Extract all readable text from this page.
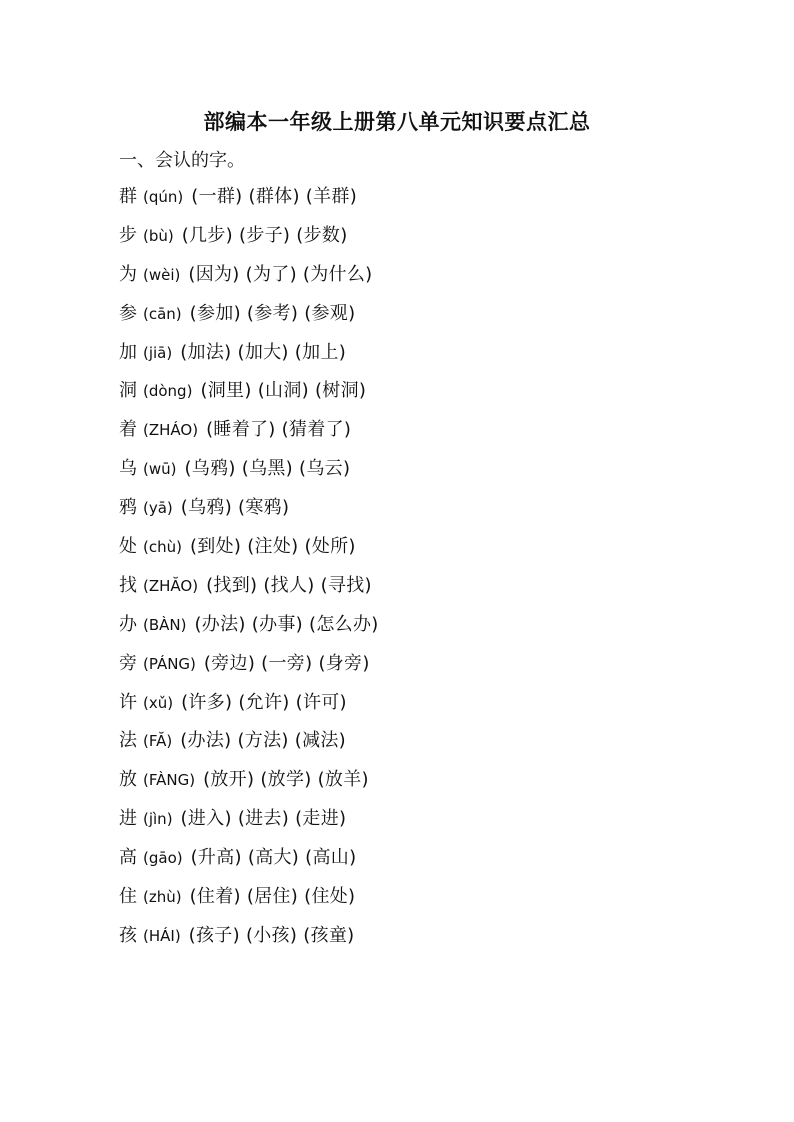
部编本一年级上册第八单元知识要点汇总
一、会认的字。
群 (qún) (一群) (群体) (羊群)
步 (bù) (几步) (步子) (步数)
为 (wèi) (因为) (为了) (为什么)
参 (cān) (参加) (参考) (参观)
加 (jiā) (加法) (加大) (加上)
洞 (dòng) (洞里) (山洞) (树洞)
着 (ZHÁO) (睡着了) (猜着了)
乌 (wū) (乌鸦) (乌黑) (乌云)
鸦 (yā) (乌鸦) (寒鸦)
处 (chù) (到处) (注处) (处所)
找 (ZHĂO) (找到) (找人) (寻找)
办 (BÀN) (办法) (办事) (怎么办)
旁 (PÁNG) (旁边) (一旁) (身旁)
许 (xǔ) (许多) (允许) (许可)
法 (FĂ) (办法) (方法) (减法)
放 (FÀNG) (放开) (放学) (放羊)
进 (jìn) (进入) (进去) (走进)
高 (gāo) (升高) (高大) (高山)
住 (zhù) (住着) (居住) (住处)
孩 (HÁI) (孩子) (小孩) (孩童)
